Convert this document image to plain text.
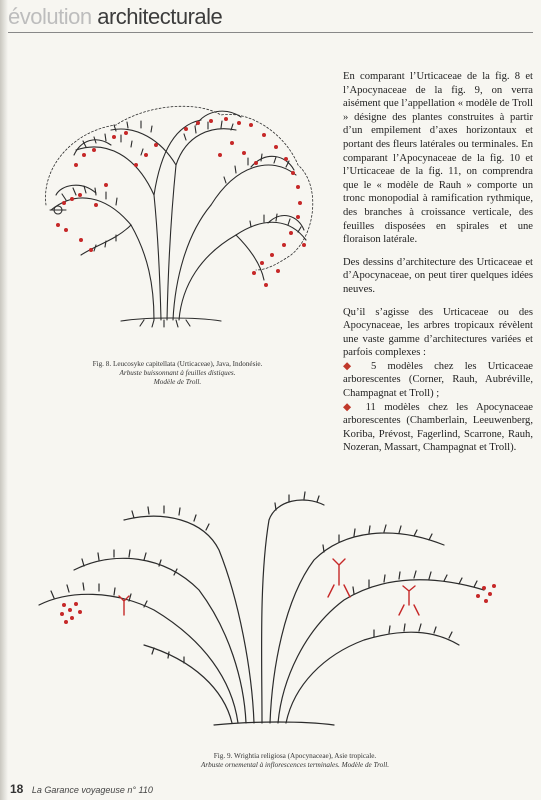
évolution architecturale
Fig. 8. Leucosyke capitellata (Urticaceae), Java, Indonésie.
Arbuste buissonnant à feuilles distiques.
Modèle de Troll.

En comparant l’Urticaceae de la fig. 8 et l’Apocynaceae de la fig. 9, on verra aisément que l’appellation « modèle de Troll » désigne des plantes construites à partir d’un empilement d’axes horizontaux et portant des fleurs latérales ou terminales. En comparant l’Apocynaceae de la fig. 10 et l’Urticaceae de la fig. 11, on comprendra que le « modèle de Rauh » comporte un tronc monopodial à ramification rythmique, des branches à croissance verticale, des feuilles disposées en spirales et une floraison latérale.

Des dessins d’architecture des Urticaceae et d’Apocynaceae, on peut tirer quelques idées neuves.

Qu’il s’agisse des Urticaceae ou des Apocynaceae, les arbres tropicaux révèlent une vaste gamme d’architectures variées et parfois complexes :

◆ 5 modèles chez les Urticaceae arborescentes (Corner, Rauh, Aubréville, Champagnat et Troll) ;

◆ 11 modèles chez les Apocynaceae arborescentes (Chamberlain, Leeuwenberg, Koriba, Prévost, Fagerlind, Scarrone, Rauh, Nozeran, Massart, Champagnat et Troll).

Fig. 9. Wrightia religiosa (Apocynaceae), Asie tropicale.
Arbuste ornemental à inflorescences terminales. Modèle de Troll.
18 La Garance voyageuse n° 110
